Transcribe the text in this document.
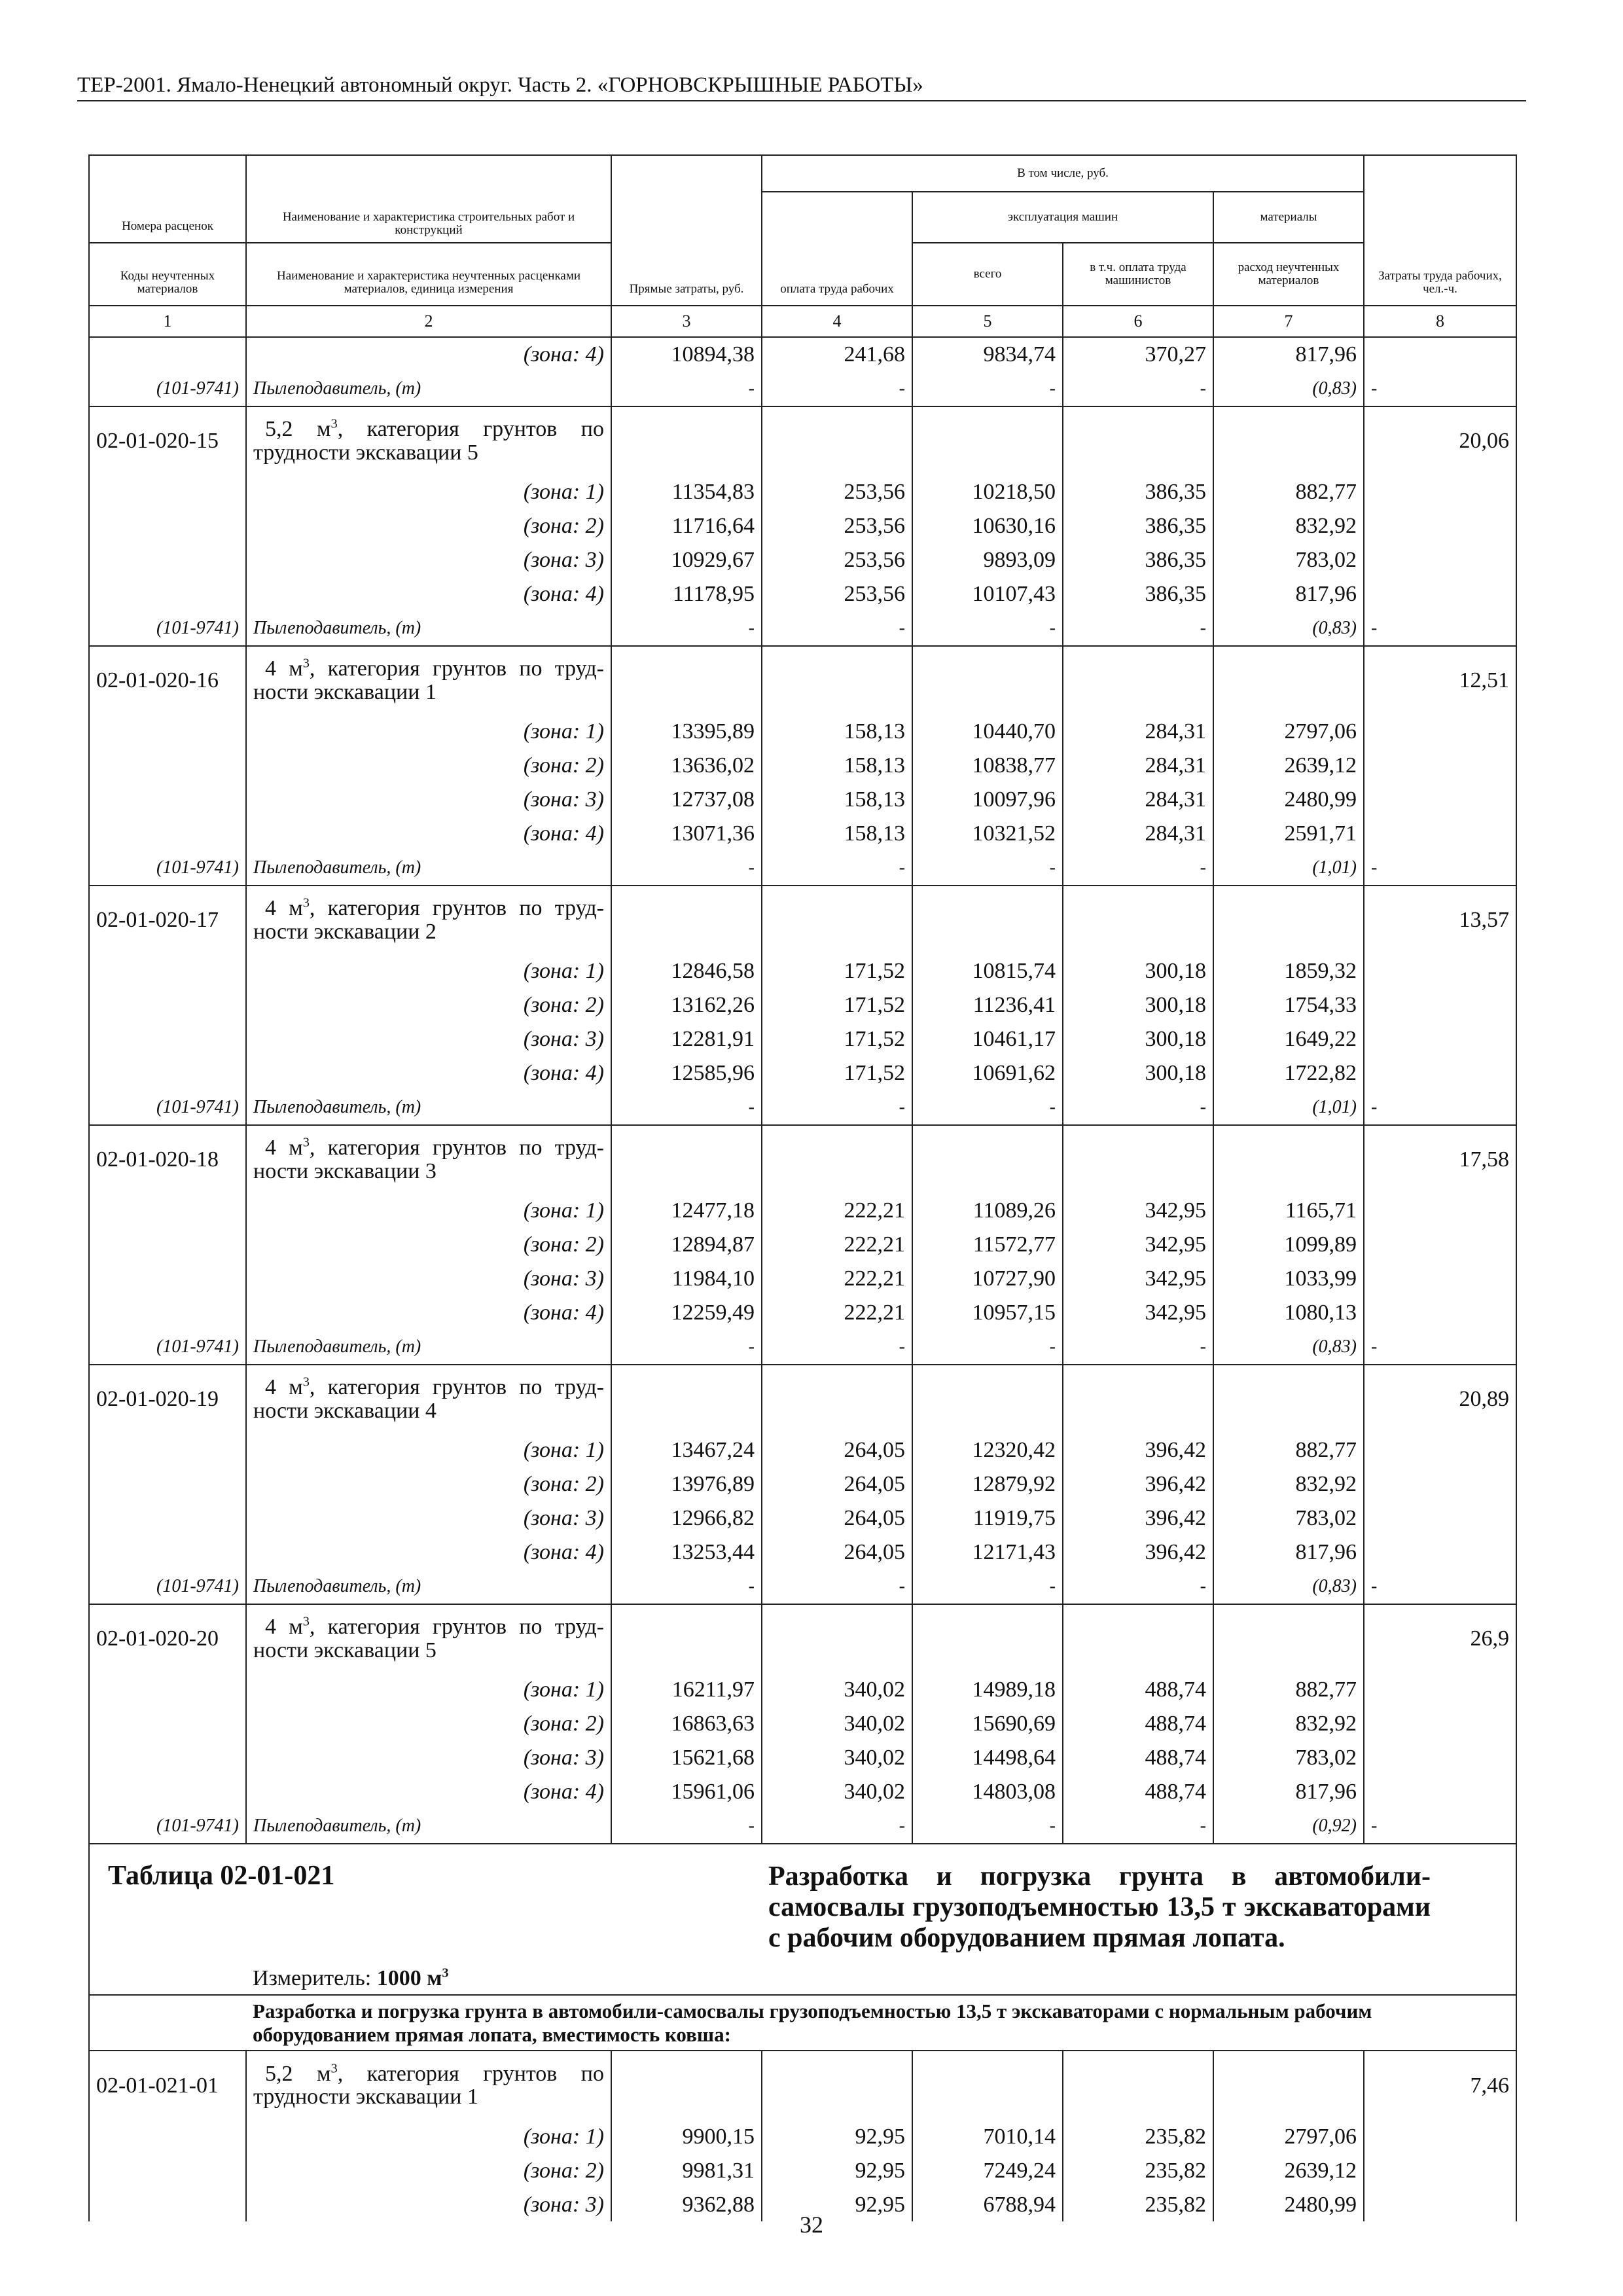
ТЕР-2001. Ямало-Ненецкий автономный округ. Часть 2. «ГОРНОВСКРЫШНЫЕ РАБОТЫ»
Номера расценок	Наименование и характеристика строительных работ и конструкций	Прямые затраты, руб.	В том числе, руб.				Затраты труда рабочих, чел.-ч.
			оплата труда рабочих	эксплуатация машин		материалы	

Коды неучтенных материалов	Наименование и характеристика неучтенных расценками материалов, единица измерения			всего	в т.ч. оплата труда машинистов	расход неучтенных материалов	
1	2	3	4	5	6	7	8
	(зона: 4)	10894,38	241,68	9834,74	370,27	817,96	
(101-9741)	Пылеподавитель, (т)	-	-	-	-	(0,83)	-
02-01-020-15	5,2 $м^3$, категория грунтов по
трудности экскавации 5						20,06
	(зона: 1)	11354,83	253,56	10218,50	386,35	882,77	
	(зона: 2)	11716,64	253,56	10630,16	386,35	832,92	
	(зона: 3)	10929,67	253,56	9893,09	386,35	783,02	
	(зона: 4)	11178,95	253,56	10107,43	386,35	817,96	
(101-9741)	Пылеподавитель, (т)	-	-	-	-	(0,83)	-
02-01-020-16	4 $м^3$, категория грунтов по труд-
ности экскавации 1						12,51
	(зона: 1)	13395,89	158,13	10440,70	284,31	2797,06	
	(зона: 2)	13636,02	158,13	10838,77	284,31	2639,12	
	(зона: 3)	12737,08	158,13	10097,96	284,31	2480,99	
	(зона: 4)	13071,36	158,13	10321,52	284,31	2591,71	
(101-9741)	Пылеподавитель, (т)	-	-	-	-	(1,01)	-
02-01-020-17	4 $м^3$, категория грунтов по труд-
ности экскавации 2						13,57
	(зона: 1)	12846,58	171,52	10815,74	300,18	1859,32	
	(зона: 2)	13162,26	171,52	11236,41	300,18	1754,33	
	(зона: 3)	12281,91	171,52	10461,17	300,18	1649,22	
	(зона: 4)	12585,96	171,52	10691,62	300,18	1722,82	
(101-9741)	Пылеподавитель, (т)	-	-	-	-	(1,01)	-
02-01-020-18	4 $м^3$, категория грунтов по труд-
ности экскавации 3						17,58
	(зона: 1)	12477,18	222,21	11089,26	342,95	1165,71	
	(зона: 2)	12894,87	222,21	11572,77	342,95	1099,89	
	(зона: 3)	11984,10	222,21	10727,90	342,95	1033,99	
	(зона: 4)	12259,49	222,21	10957,15	342,95	1080,13	
(101-9741)	Пылеподавитель, (т)	-	-	-	-	(0,83)	-
02-01-020-19	4 $м^3$, категория грунтов по труд-
ности экскавации 4						20,89
	(зона: 1)	13467,24	264,05	12320,42	396,42	882,77	
	(зона: 2)	13976,89	264,05	12879,92	396,42	832,92	
	(зона: 3)	12966,82	264,05	11919,75	396,42	783,02	
	(зона: 4)	13253,44	264,05	12171,43	396,42	817,96	
(101-9741)	Пылеподавитель, (т)	-	-	-	-	(0,83)	-
02-01-020-20	4 $м^3$, категория грунтов по труд-
ности экскавации 5						26,9
	(зона: 1)	16211,97	340,02	14989,18	488,74	882,77	
	(зона: 2)	16863,63	340,02	15690,69	488,74	832,92	
	(зона: 3)	15621,68	340,02	14498,64	488,74	783,02	
	(зона: 4)	15961,06	340,02	14803,08	488,74	817,96	
(101-9741)	Пылеподавитель, (т)	-	-	-	-	(0,92)	-
Таблица 02-01-021			Разработка и погрузка грунта в автомобили-самосвалы грузоподъемностью 13,5 т экскаваторами с рабочим оборудованием прямая лопата.				

	Измеритель: 1000 $м^3$

	Разработка и погрузка грунта в автомобили-самосвалы грузоподъемностью 13,5 т экскаваторами с нормальным рабочим оборудованием прямая лопата, вместимость ковша:						

02-01-021-01	5,2 $м^3$, категория грунтов по
трудности экскавации 1						7,46
	(зона: 1)	9900,15	92,95	7010,14	235,82	2797,06	
	(зона: 2)	9981,31	92,95	7249,24	235,82	2639,12	
	(зона: 3)	9362,88	92,95	6788,94	235,82	2480,99	
32
